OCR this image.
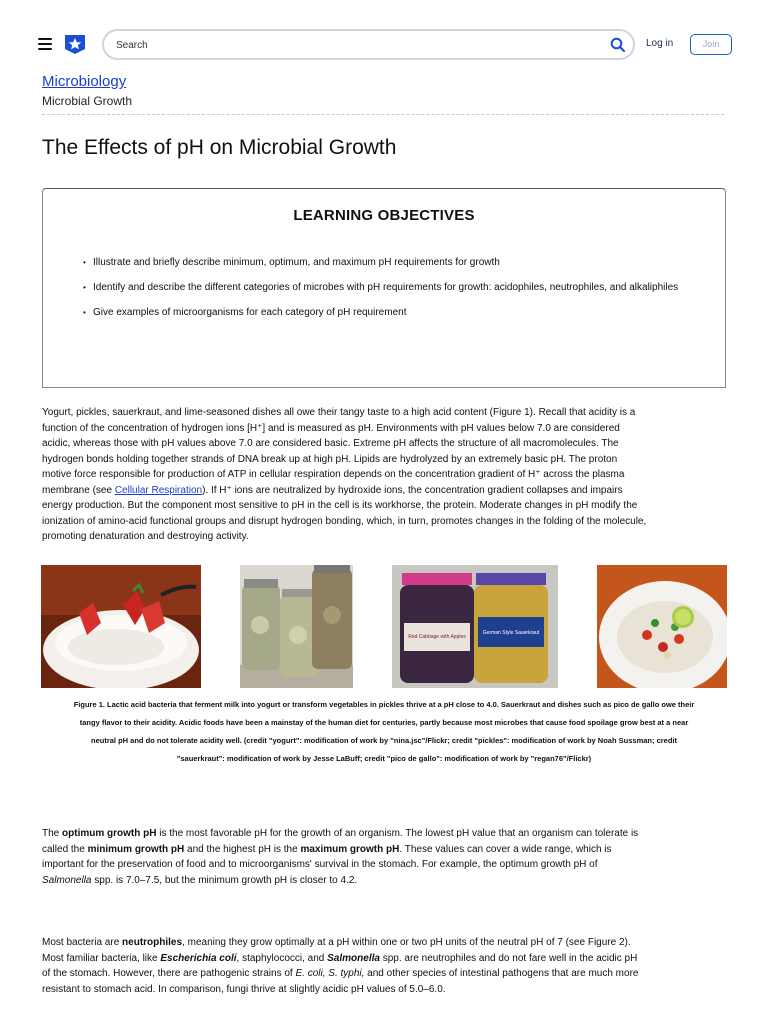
Search
Log in	Join
Microbiology
Microbial Growth
The Effects of pH on Microbial Growth
LEARNING OBJECTIVES
• Illustrate and briefly describe minimum, optimum, and maximum pH requirements for growth
• Identify and describe the different categories of microbes with pH requirements for growth: acidophiles, neutrophiles, and alkaliphiles
• Give examples of microorganisms for each category of pH requirement

Yogurt, pickles, sauerkraut, and lime-seasoned dishes all owe their tangy taste to a high acid content (Figure 1). Recall that acidity is a function of the concentration of hydrogen ions [H⁺] and is measured as pH. Environments with pH values below 7.0 are considered acidic, whereas those with pH values above 7.0 are considered basic. Extreme pH affects the structure of all macromolecules. The hydrogen bonds holding together strands of DNA break up at high pH. Lipids are hydrolyzed by an extremely basic pH. The proton motive force responsible for production of ATP in cellular respiration depends on the concentration gradient of H⁺ across the plasma membrane (see Cellular Respiration). If H⁺ ions are neutralized by hydroxide ions, the concentration gradient collapses and impairs energy production. But the component most sensitive to pH in the cell is its workhorse, the protein. Moderate changes in pH modify the ionization of amino-acid functional groups and disrupt hydrogen bonding, which, in turn, promotes changes in the folding of the molecule, promoting denaturation and destroying activity.

Red Cabbage with Apples
German Style Sauerkraut
Figure 1. Lactic acid bacteria that ferment milk into yogurt or transform vegetables in pickles thrive at a pH close to 4.0. Sauerkraut and dishes such as pico de gallo owe their tangy flavor to their acidity. Acidic foods have been a mainstay of the human diet for centuries, partly because most microbes that cause food spoilage grow best at a near neutral pH and do not tolerate acidity well. (credit "yogurt": modification of work by "nina.jsc"/Flickr; credit "pickles": modification of work by Noah Sussman; credit "sauerkraut": modification of work by Jesse LaBuff; credit "pico de gallo": modification of work by "regan76"/Flickr)

The optimum growth pH is the most favorable pH for the growth of an organism. The lowest pH value that an organism can tolerate is called the minimum growth pH and the highest pH is the maximum growth pH. These values can cover a wide range, which is important for the preservation of food and to microorganisms' survival in the stomach. For example, the optimum growth pH of Salmonella spp. is 7.0–7.5, but the minimum growth pH is closer to 4.2.

Most bacteria are neutrophiles, meaning they grow optimally at a pH within one or two pH units of the neutral pH of 7 (see Figure 2). Most familiar bacteria, like Escherichia coli, staphylococci, and Salmonella spp. are neutrophiles and do not fare well in the acidic pH of the stomach. However, there are pathogenic strains of E. coli, S. typhi, and other species of intestinal pathogens that are much more resistant to stomach acid. In comparison, fungi thrive at slightly acidic pH values of 5.0–6.0.
